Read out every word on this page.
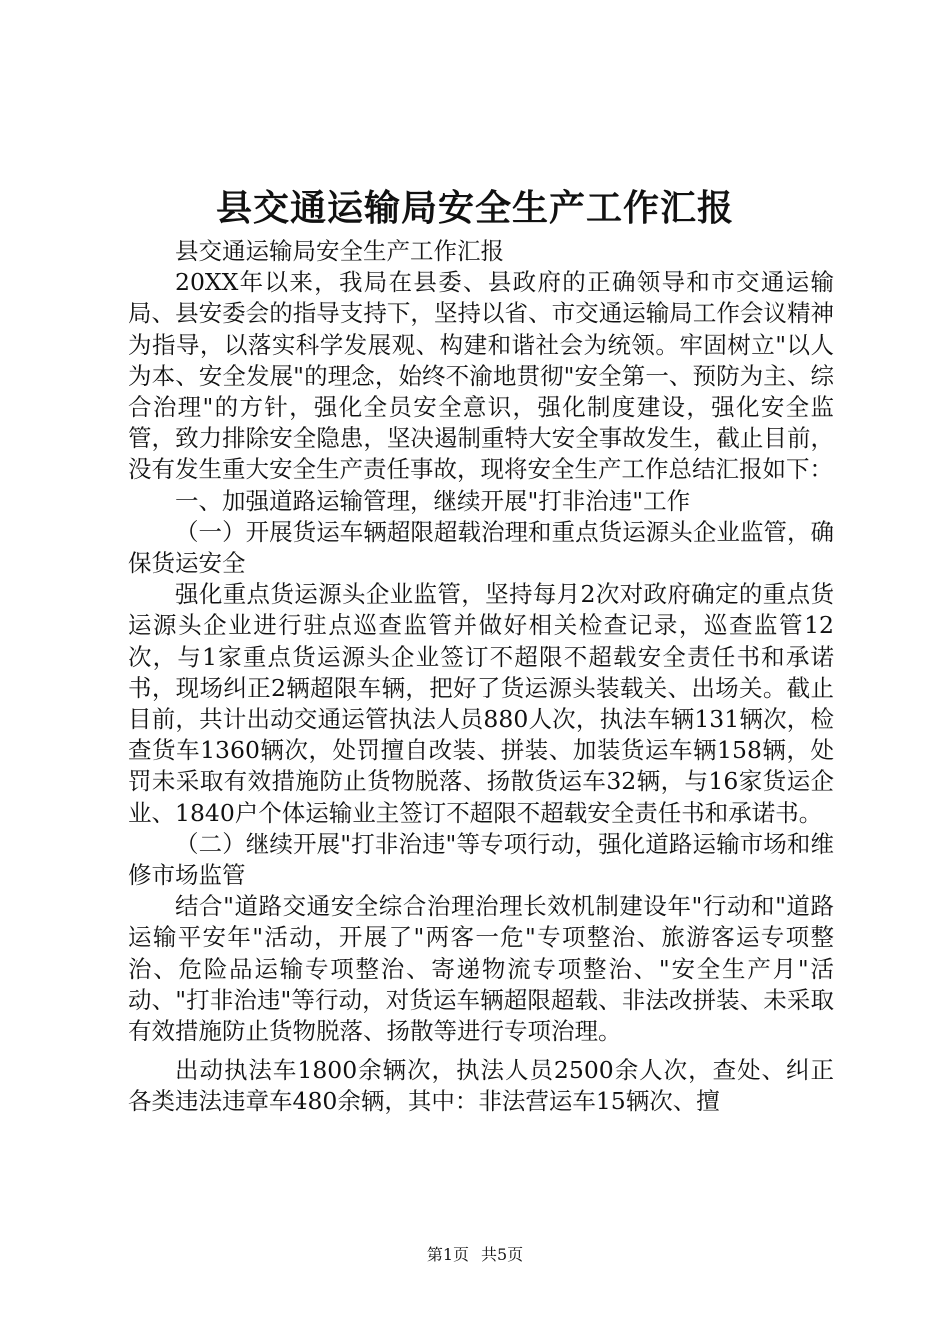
县交通运输局安全生产工作汇报

县交通运输局安全生产工作汇报

20XX年以来，我局在县委、县政府的正确领导和市交通运输局、县安委会的指导支持下，坚持以省、市交通运输局工作会议精神为指导，以落实科学发展观、构建和谐社会为统领。牢固树立"以人为本、安全发展"的理念，始终不渝地贯彻"安全第一、预防为主、综合治理"的方针，强化全员安全意识，强化制度建设，强化安全监管，致力排除安全隐患，坚决遏制重特大安全事故发生，截止目前，没有发生重大安全生产责任事故，现将安全生产工作总结汇报如下：

一、加强道路运输管理，继续开展"打非治违"工作

（一）开展货运车辆超限超载治理和重点货运源头企业监管，确保货运安全

强化重点货运源头企业监管，坚持每月2次对政府确定的重点货运源头企业进行驻点巡查监管并做好相关检查记录，巡查监管12次，与1家重点货运源头企业签订不超限不超载安全责任书和承诺书，现场纠正2辆超限车辆，把好了货运源头装载关、出场关。截止目前，共计出动交通运管执法人员880人次，执法车辆131辆次，检查货车1360辆次，处罚擅自改装、拼装、加装货运车辆158辆，处罚未采取有效措施防止货物脱落、扬散货运车32辆，与16家货运企业、1840户个体运输业主签订不超限不超载安全责任书和承诺书。

（二）继续开展"打非治违"等专项行动，强化道路运输市场和维修市场监管

结合"道路交通安全综合治理治理长效机制建设年"行动和"道路运输平安年"活动，开展了"两客一危"专项整治、旅游客运专项整治、危险品运输专项整治、寄递物流专项整治、"安全生产月"活动、"打非治违"等行动，对货运车辆超限超载、非法改拼装、未采取有效措施防止货物脱落、扬散等进行专项治理。

出动执法车1800余辆次，执法人员2500余人次，查处、纠正各类违法违章车480余辆，其中：非法营运车15辆次、擅

第1页 共5页
